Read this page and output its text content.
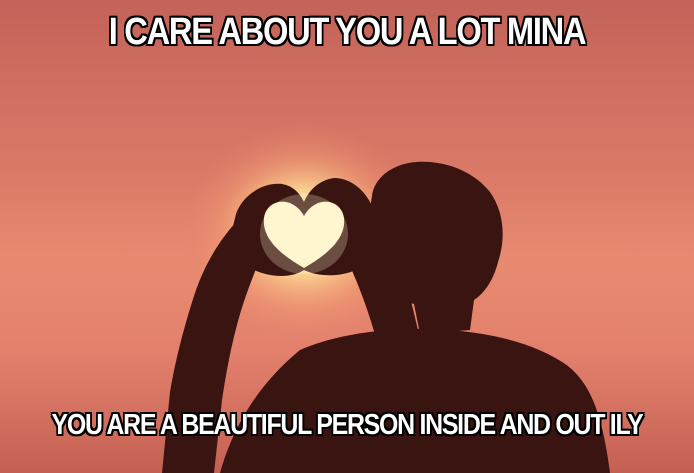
I CARE ABOUT YOU A LOT MINA
YOU ARE A BEAUTIFUL PERSON INSIDE AND OUT ILY
